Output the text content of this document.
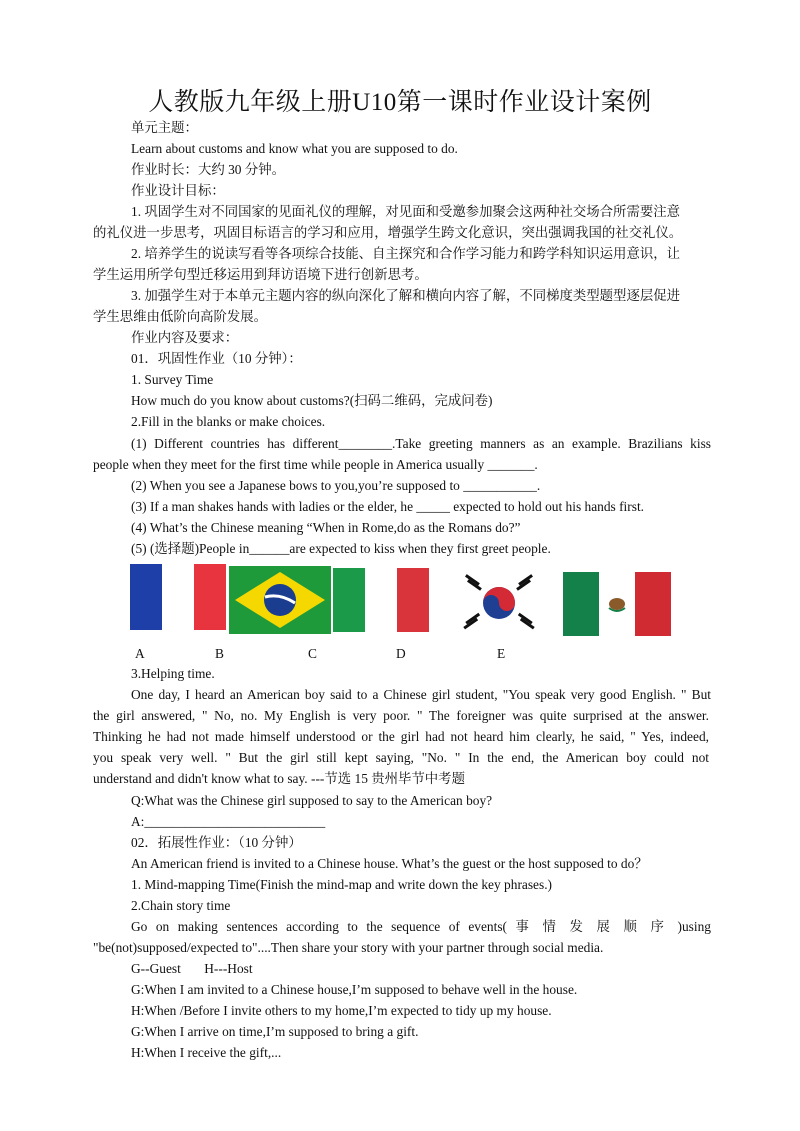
人教版九年级上册U10第一课时作业设计案例
单元主题：
Learn about customs and know what you are supposed to do.
作业时长：大约 30 分钟。
作业设计目标：
1. 巩固学生对不同国家的见面礼仪的理解，对见面和受邀参加聚会这两种社交场合所需要注意
的礼仪进一步思考，巩固目标语言的学习和应用，增强学生跨文化意识，突出强调我国的社交礼仪。
2. 培养学生的说读写看等各项综合技能、自主探究和合作学习能力和跨学科知识运用意识，让
学生运用所学句型迁移运用到拜访语境下进行创新思考。
3. 加强学生对于本单元主题内容的纵向深化了解和横向内容了解，不同梯度类型题型逐层促进
学生思维由低阶向高阶发展。
作业内容及要求：
01．巩固性作业（10 分钟）：
1. Survey Time
How much do you know about customs?(扫码二维码，完成问卷)
2.Fill in the blanks or make choices.
(1) Different countries has different________.Take greeting manners as an example. Brazilians kiss
people when they meet for the first time while people in America usually _______.
(2) When you see a Japanese bows to you,you’re supposed to ___________.
(3) If a man shakes hands with ladies or the elder, he _____ expected to hold out his hands first.
(4) What’s the Chinese meaning “When in Rome,do as the Romans do?”
(5) (选择题)People in______are expected to kiss when they first greet people.
A	B	C	D	E
3.Helping time.
One day, I heard an American boy said to a Chinese girl student, "You speak very good English. " But
the girl answered, " No, no. My English is very poor. " The foreigner was quite surprised at the answer.
Thinking he had not made himself understood or the girl had not heard him clearly, he said, " Yes, indeed,
you speak very well. " But the girl still kept saying, "No. " In the end, the American boy could not
understand and didn't know what to say. ---节选 15 贵州毕节中考题
Q:What was the Chinese girl supposed to say to the American boy?
A:___________________________
02．拓展性作业：（10 分钟）
An American friend is invited to a Chinese house. What’s the guest or the host supposed to do？
1. Mind-mapping Time(Finish the mind-map and write down the key phrases.)
2.Chain story time
Go on making sentences according to the sequence of events( 事 情 发 展 顺 序 )using
"be(not)supposed/expected to"....Then share your story with your partner through social media.
G--Guest       H---Host
G:When I am invited to a Chinese house,I’m supposed to behave well in the house.
H:When /Before I invite others to my home,I’m expected to tidy up my house.
G:When I arrive on time,I’m supposed to bring a gift.
H:When I receive the gift,...
